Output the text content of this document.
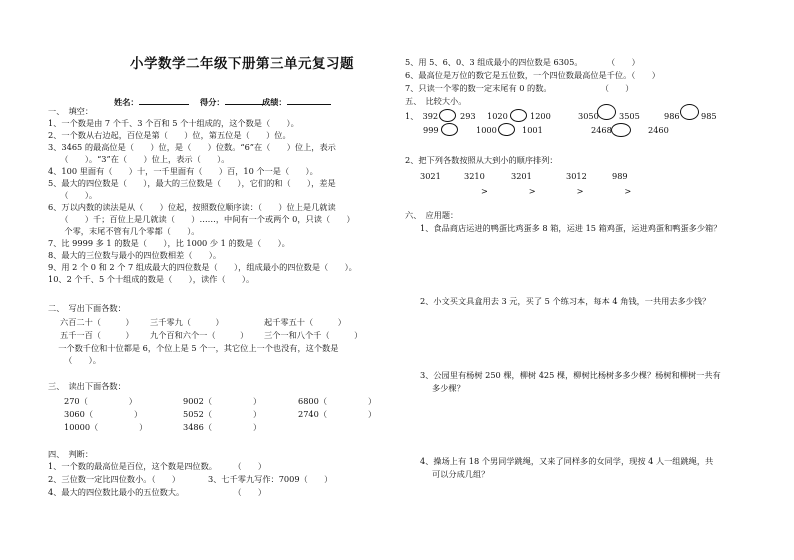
小学数学二年级下册第三单元复习题
姓名：	得分：	成绩：
一、　填空：
1、一个数是由 7 个千、3 个百和 5 个十组成的，这个数是（　　）。
2、一个数从右边起，百位是第（　　）位，第五位是（　　）位。
3、3465 的最高位是（　　）位，是（　　）位数。“6”在（　　）位上，表示
　　（　　）。“3”在（　　）位上，表示（　　）。
4、100 里面有（　　）十，一千里面有（　　）百，10 个一是（　　）。
5、最大的四位数是（　　），最大的三位数是（　　），它们的和（　　），差是
　　（　　）。
6、万以内数的读法是从（　　）位起，按照数位顺序读：（　　）位上是几就读
　　（　　）千；百位上是几就读（　　）……，中间有一个或两个 0，只读（　　）
　　个零，末尾不管有几个零都（　　）。
7、比 9999 多 1 的数是（　　），比 1000 少 1 的数是（　　）。
8、最大的三位数与最小的四位数相差（　　）。
9、用 2 个 0 和 2 个 7 组成最大的四位数是（　　），组成最小的四位数是（　　）。
10、2 个千、5 个十组成的数是（　　），读作（　　）。
二、　写出下面各数：
六百二十（　　　） 三千零九（　　　）	起千零五十（　　　）
五千一百（　　　） 九个百和六个一（　　　） 三个一和八个千（　　　）
　一个数千位和十位都是 6，个位上是 5 个一，其它位上一个也没有，这个数是
　（　　）。
三、　读出下面各数：
270（　　　　　）	9002（　　　　　）	6800（　　　　　）
3060（　　　　　）	5052（　　　　　）	2740（　　　　　）
10000（　　　　　）	3486（　　　　　）
四、　判断：
1、一个数的最高位是百位，这个数是四位数。　　　（　　）
2、三位数一定比四位数小。（　　）	3、七千零九写作：7009（　　）
4、最大的四位数比最小的五位数大。　　　　　　　（　　）
5、用 5、6、0、3 组成最小的四位数是 6305。　　　　（　　）
6、最高位是万位的数它是五位数，一个四位数最高位是千位。（　　）
7、只读一个零的数一定末尾有 0 的数。　　　　　　　（　　）
五、　比较大小。
1、　392	293 1020	1200	3050 3505	986	985
999	1000	1001	2468	2460
2、把下列各数按照从大到小的顺序排列：
3021	3210	3201	3012	989
>　　　　　>　　　　　>　　　　　>
六、　应用题：
1、食品商店运进的鸭蛋比鸡蛋多 8 箱，运进 15 箱鸡蛋，运进鸡蛋和鸭蛋多少箱？
2、小文买文具盒用去 3 元，买了 5 个练习本，每本 4 角钱，一共用去多少钱？
3、公园里有杨树 250 棵，柳树 425 棵，柳树比杨树多多少棵？杨树和柳树一共有
多少棵？
4、操场上有 18 个男同学跳绳，又来了同样多的女同学，现按 4 人一组跳绳，共
可以分成几组？
